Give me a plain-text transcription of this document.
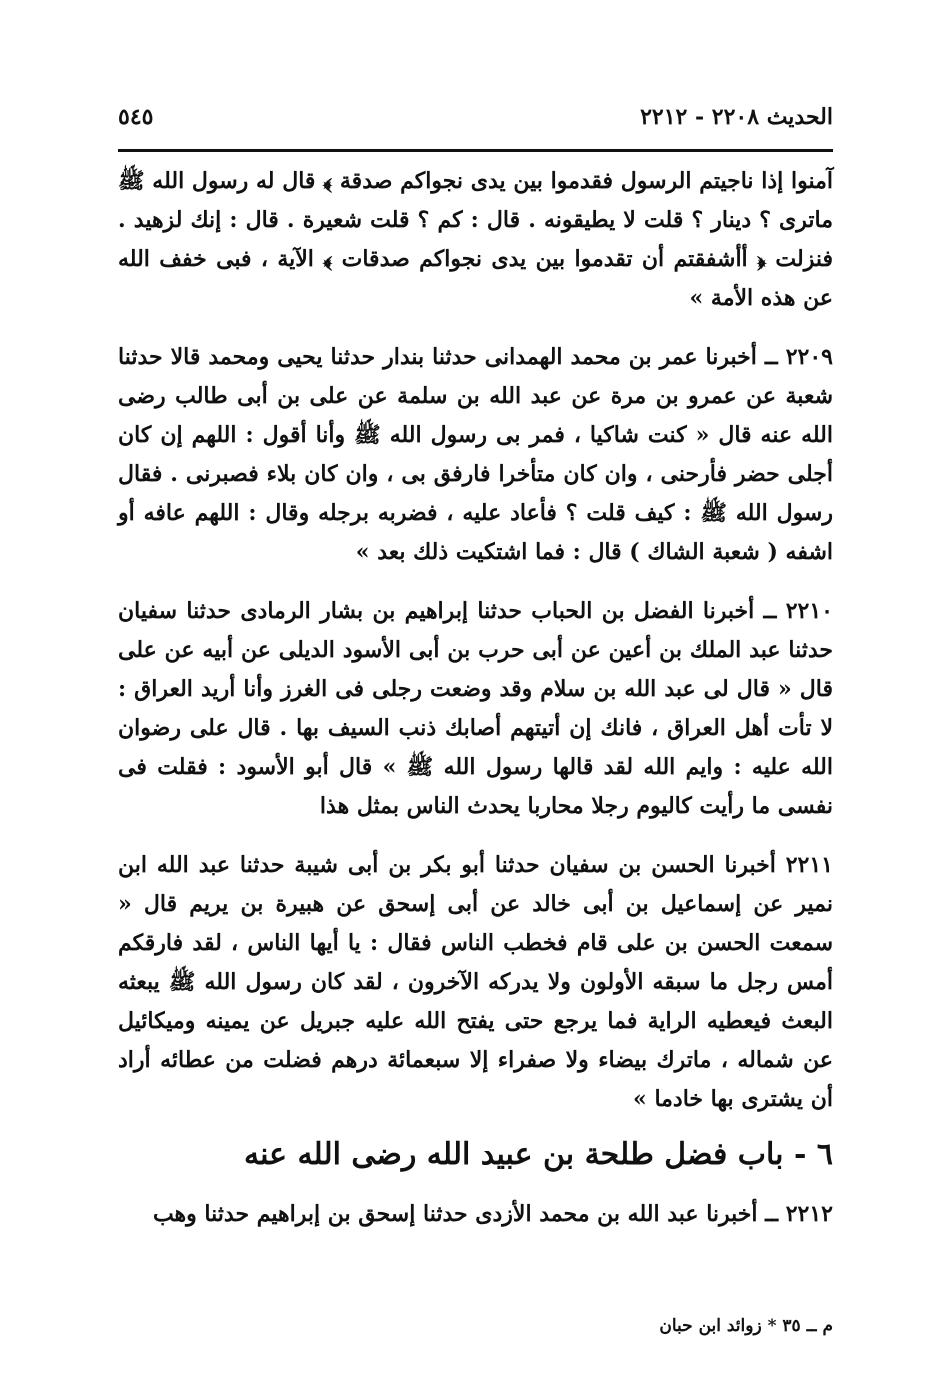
الحديث ٢٢٠٨ - ٢٢١٢
٥٤٥

آمنوا إذا ناجيتم الرسول فقدموا بين يدى نجواكم صدقة ﴾ قال له رسول الله ﷺ ماترى ؟ دينار ؟ قلت لا يطيقونه . قال : كم ؟ قلت شعيرة . قال : إنك لزهيد . فنزلت ﴿ أأشفقتم أن تقدموا بين يدى نجواكم صدقات ﴾ الآية ، فبى خفف الله عن هذه الأمة »

٢٢٠٩ ــ أخبرنا عمر بن محمد الهمدانى حدثنا بندار حدثنا يحيى ومحمد قالا حدثنا شعبة عن عمرو بن مرة عن عبد الله بن سلمة عن على بن أبى طالب رضى الله عنه قال « كنت شاكيا ، فمر بى رسول الله ﷺ وأنا أقول : اللهم إن كان أجلى حضر فأرحنى ، وان كان متأخرا فارفق بى ، وان كان بلاء فصبرنى . فقال رسول الله ﷺ : كيف قلت ؟ فأعاد عليه ، فضربه برجله وقال : اللهم عافه أو اشفه ( شعبة الشاك ) قال : فما اشتكيت ذلك بعد »

٢٢١٠ ــ أخبرنا الفضل بن الحباب حدثنا إبراهيم بن بشار الرمادى حدثنا سفيان حدثنا عبد الملك بن أعين عن أبى حرب بن أبى الأسود الديلى عن أبيه عن على قال « قال لى عبد الله بن سلام وقد وضعت رجلى فى الغرز وأنا أريد العراق : لا تأت أهل العراق ، فانك إن أتيتهم أصابك ذنب السيف بها . قال على رضوان الله عليه : وايم الله لقد قالها رسول الله ﷺ » قال أبو الأسود : فقلت فى نفسى ما رأيت كاليوم رجلا محاربا يحدث الناس بمثل هذا

٢٢١١ أخبرنا الحسن بن سفيان حدثنا أبو بكر بن أبى شيبة حدثنا عبد الله ابن نمير عن إسماعيل بن أبى خالد عن أبى إسحق عن هبيرة بن يريم قال « سمعت الحسن بن على قام فخطب الناس فقال : يا أيها الناس ، لقد فارقكم أمس رجل ما سبقه الأولون ولا يدركه الآخرون ، لقد كان رسول الله ﷺ يبعثه البعث فيعطيه الراية فما يرجع حتى يفتح الله عليه جبريل عن يمينه وميكائيل عن شماله ، ماترك بيضاء ولا صفراء إلا سبعمائة درهم فضلت من عطائه أراد أن يشترى بها خادما »

٦ - باب فضل طلحة بن عبيد الله رضى الله عنه

٢٢١٢ ــ أخبرنا عبد الله بن محمد الأزدى حدثنا إسحق بن إبراهيم حدثنا وهب

م ــ ٣٥ * زوائد ابن حبان
